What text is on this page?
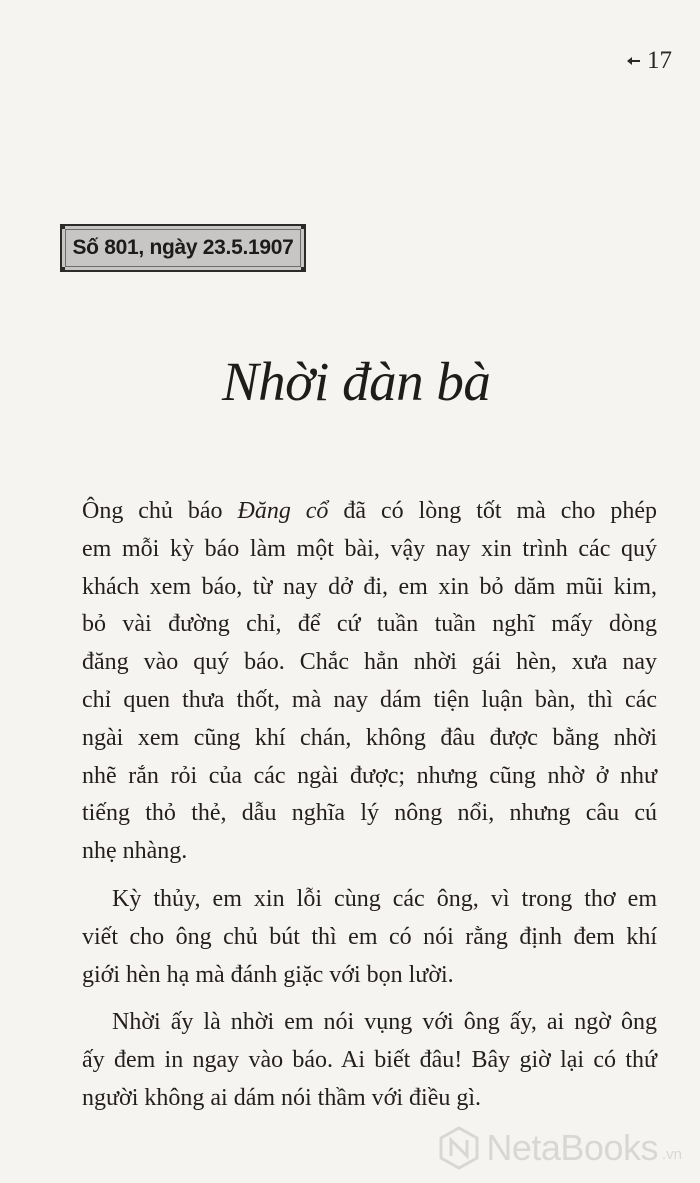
17

Số 801, ngày 23.5.1907
Nhời đàn bà
Ông chủ báo Đăng cổ đã có lòng tốt mà cho phép
em mỗi kỳ báo làm một bài, vậy nay xin trình các quý
khách xem báo, từ nay dở đi, em xin bỏ dăm mũi kim,
bỏ vài đường chỉ, để cứ tuần tuần nghĩ mấy dòng
đăng vào quý báo. Chắc hẳn nhời gái hèn, xưa nay
chỉ quen thưa thốt, mà nay dám tiện luận bàn, thì các
ngài xem cũng khí chán, không đâu được bằng nhời
nhẽ rắn rỏi của các ngài được; nhưng cũng nhờ ở như
tiếng thỏ thẻ, dẫu nghĩa lý nông nổi, nhưng câu cú
nhẹ nhàng.
Kỳ thủy, em xin lỗi cùng các ông, vì trong thơ em
viết cho ông chủ bút thì em có nói rằng định đem khí
giới hèn hạ mà đánh giặc với bọn lười.
Nhời ấy là nhời em nói vụng với ông ấy, ai ngờ ông
ấy đem in ngay vào báo. Ai biết đâu! Bây giờ lại có thứ
người không ai dám nói thầm với điều gì.
NetaBooks .vn
